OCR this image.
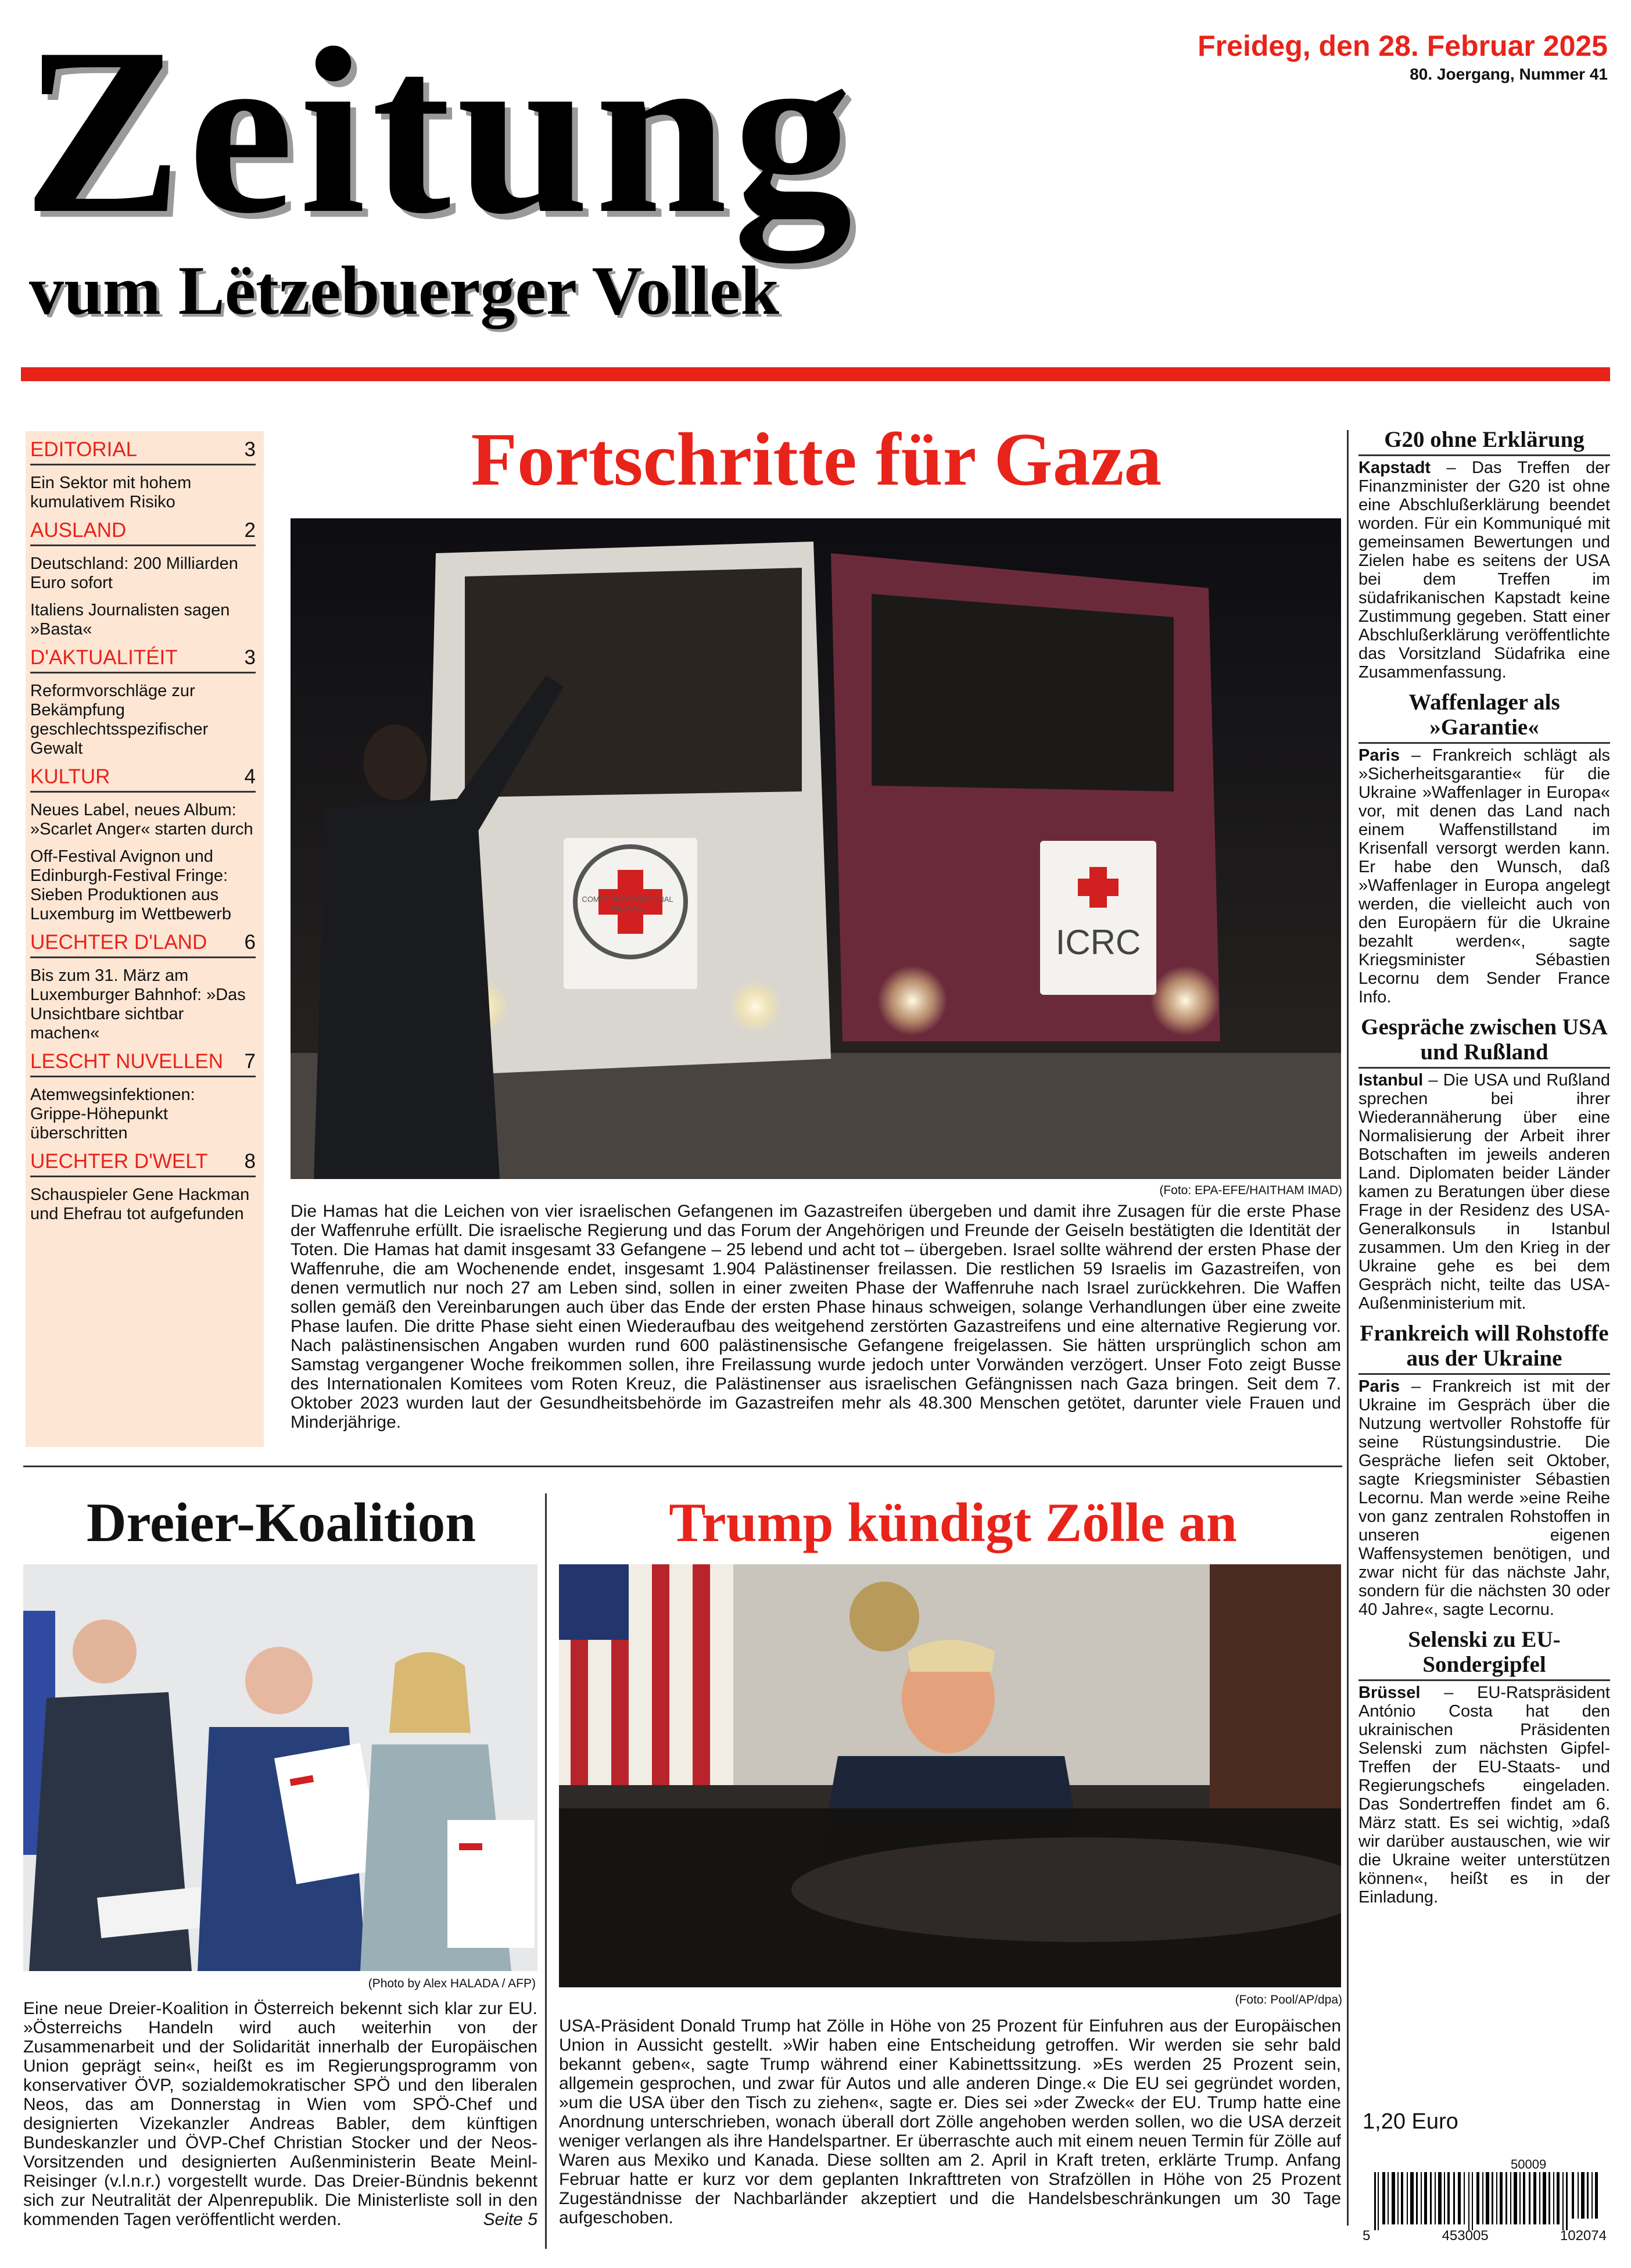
Zeitung
vum Lëtzebuerger Vollek
Freideg, den 28. Februar 2025
80. Joergang, Nummer 41
EDITORIAL	3
Ein Sektor mit hohem kumulativem Risiko
AUSLAND	2
Deutschland: 200 Milliarden Euro sofort
Italiens Journalisten sagen »Basta«
D'AKTUALITÉIT	3
Reformvorschläge zur Bekämpfung geschlechtsspezifischer Gewalt
KULTUR	4
Neues Label, neues Album: »Scarlet Anger« starten durch
Off-Festival Avignon und Edinburgh-Festival Fringe: Sieben Produktionen aus Luxemburg im Wettbewerb
UECHTER D'LAND 6
Bis zum 31. März am Luxemburger Bahnhof: »Das Unsichtbare sichtbar machen«
LESCHT NUVELLEN 7
Atemwegsinfektionen: Grippe-Höhepunkt überschritten
UECHTER D'WELT 8
Schauspieler Gene Hackman und Ehefrau tot aufgefunden
Fortschritte für Gaza
ICRC
(Foto: EPA-EFE/HAITHAM IMAD)
Die Hamas hat die Leichen von vier israelischen Gefangenen im Gazastreifen übergeben und damit ihre Zusagen für die erste Phase der Waffenruhe erfüllt. Die israelische Regierung und das Forum der Angehörigen und Freunde der Geiseln bestätigten die Identität der Toten. Die Hamas hat damit insgesamt 33 Gefangene – 25 lebend und acht tot – übergeben. Israel sollte während der ersten Phase der Waffenruhe, die am Wochenende endet, insgesamt 1.904 Palästinenser freilassen. Die restlichen 59 Israelis im Gazastreifen, von denen vermutlich nur noch 27 am Leben sind, sollen in einer zweiten Phase der Waffenruhe nach Israel zurückkehren. Die Waffen sollen gemäß den Vereinbarungen auch über das Ende der ersten Phase hinaus schweigen, solange Verhandlungen über eine zweite Phase laufen. Die dritte Phase sieht einen Wiederaufbau des weitgehend zerstörten Gazastreifens und eine alternative Regierung vor. Nach palästinensischen Angaben wurden rund 600 palästinensische Gefangene freigelassen. Sie hätten ursprünglich schon am Samstag vergangener Woche freikommen sollen, ihre Freilassung wurde jedoch unter Vorwänden verzögert. Unser Foto zeigt Busse des Internationalen Komitees vom Roten Kreuz, die Palästinenser aus israelischen Gefängnissen nach Gaza bringen. Seit dem 7. Oktober 2023 wurden laut der Gesundheitsbehörde im Gazastreifen mehr als 48.300 Menschen getötet, darunter viele Frauen und Minderjährige.
G20 ohne Erklärung
Kapstadt – Das Treffen der Finanzminister der G20 ist ohne eine Abschlußerklärung beendet worden. Für ein Kommuniqué mit gemeinsamen Bewertungen und Zielen habe es seitens der USA bei dem Treffen im südafrikanischen Kapstadt keine Zustimmung gegeben. Statt einer Abschlußerklärung veröffentlichte das Vorsitzland Südafrika eine Zusammenfassung.
Waffenlager als »Garantie«
Paris – Frankreich schlägt als »Sicherheitsgarantie« für die Ukraine »Waffenlager in Europa« vor, mit denen das Land nach einem Waffenstillstand im Krisenfall versorgt werden kann. Er habe den Wunsch, daß »Waffenlager in Europa angelegt werden, die vielleicht auch von den Europäern für die Ukraine bezahlt werden«, sagte Kriegsminister Sébastien Lecornu dem Sender France Info.
Gespräche zwischen USA und Rußland
Istanbul – Die USA und Rußland sprechen bei ihrer Wiederannäherung über eine Normalisierung der Arbeit ihrer Botschaften im jeweils anderen Land. Diplomaten beider Länder kamen zu Beratungen über diese Frage in der Residenz des USA-Generalkonsuls in Istanbul zusammen. Um den Krieg in der Ukraine gehe es bei dem Gespräch nicht, teilte das USA-Außenministerium mit.
Frankreich will Rohstoffe aus der Ukraine
Paris – Frankreich ist mit der Ukraine im Gespräch über die Nutzung wertvoller Rohstoffe für seine Rüstungsindustrie. Die Gespräche liefen seit Oktober, sagte Kriegsminister Sébastien Lecornu. Man werde »eine Reihe von ganz zentralen Rohstoffen in unseren eigenen Waffensystemen benötigen, und zwar nicht für das nächste Jahr, sondern für die nächsten 30 oder 40 Jahre«, sagte Lecornu.
Selenski zu EU-Sondergipfel
Brüssel – EU-Ratspräsident António Costa hat den ukrainischen Präsidenten Selenski zum nächsten Gipfel-Treffen der EU-Staats- und Regierungschefs eingeladen. Das Sondertreffen findet am 6. März statt. Es sei wichtig, »daß wir darüber austauschen, wie wir die Ukraine weiter unterstützen können«, heißt es in der Einladung.
Dreier-Koalition
(Photo by Alex HALADA / AFP)
Eine neue Dreier-Koalition in Österreich bekennt sich klar zur EU. »Österreichs Handeln wird auch weiterhin von der Zusammenarbeit und der Solidarität innerhalb der Europäischen Union geprägt sein«, heißt es im Regierungsprogramm von konservativer ÖVP, sozialdemokratischer SPÖ und den liberalen Neos, das am Donnerstag in Wien vom SPÖ-Chef und designierten Vizekanzler Andreas Babler, dem künftigen Bundeskanzler und ÖVP-Chef Christian Stocker und der Neos-Vorsitzenden und designierten Außenministerin Beate Meinl-Reisinger (v.l.n.r.) vorgestellt wurde. Das Dreier-Bündnis bekennt sich zur Neutralität der Alpenrepublik. Die Ministerliste soll in den kommenden Tagen veröffentlicht werden.	Seite 5
Trump kündigt Zölle an
(Foto: Pool/AP/dpa)
USA-Präsident Donald Trump hat Zölle in Höhe von 25 Prozent für Einfuhren aus der Europäischen Union in Aussicht gestellt. »Wir haben eine Entscheidung getroffen. Wir werden sie sehr bald bekannt geben«, sagte Trump während einer Kabinettssitzung. »Es werden 25 Prozent sein, allgemein gesprochen, und zwar für Autos und alle anderen Dinge.« Die EU sei gegründet worden, »um die USA über den Tisch zu ziehen«, sagte er. Dies sei »der Zweck« der EU. Trump hatte eine Anordnung unterschrieben, wonach überall dort Zölle angehoben werden sollen, wo die USA derzeit weniger verlangen als ihre Handelspartner. Er überraschte auch mit einem neuen Termin für Zölle auf Waren aus Mexiko und Kanada. Diese sollten am 2. April in Kraft treten, erklärte Trump. Anfang Februar hatte er kurz vor dem geplanten Inkrafttreten von Strafzöllen in Höhe von 25 Prozent Zugeständnisse der Nachbarländer akzeptiert und die Handelsbeschränkungen um 30 Tage aufgeschoben.
1,20 Euro
50009
5	453005	102074
COMITE INTERNATIONAL GENEVE
